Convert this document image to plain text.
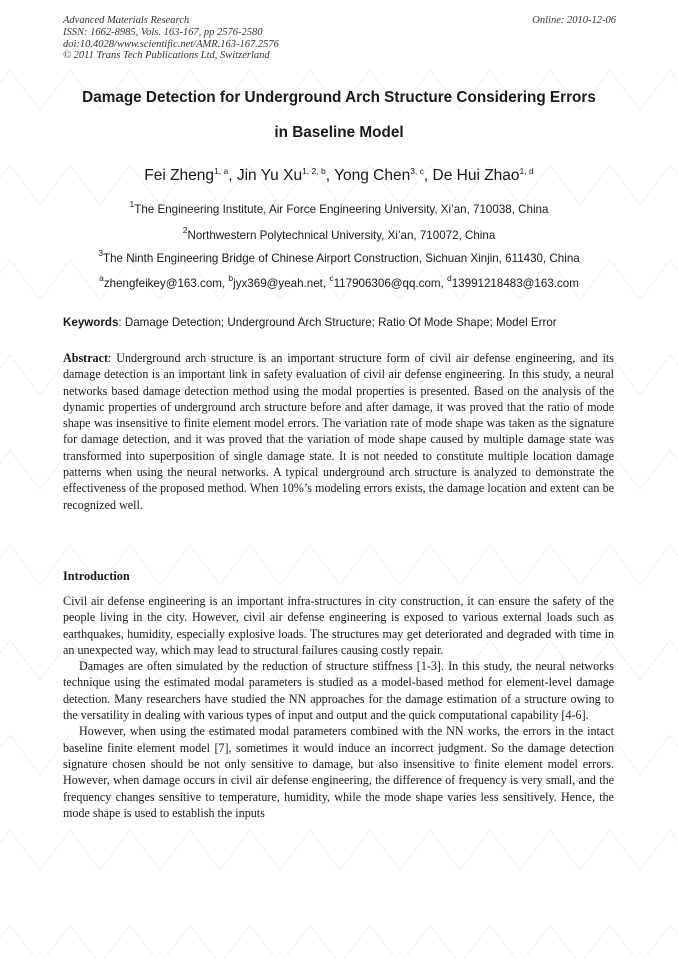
Advanced Materials Research
ISSN: 1662-8985, Vols. 163-167, pp 2576-2580
doi:10.4028/www.scientific.net/AMR.163-167.2576
© 2011 Trans Tech Publications Ltd, Switzerland
Online: 2010-12-06
Damage Detection for Underground Arch Structure Considering Errors
in Baseline Model
Fei Zheng$^{1, a}$, Jin Yu Xu$^{1, 2, b}$, Yong Chen$^{3, c}$, De Hui Zhao$^{1, d}$
$^1$The Engineering Institute, Air Force Engineering University, Xi’an, 710038, China
$^2$Northwestern Polytechnical University, Xi’an, 710072, China
$^3$The Ninth Engineering Bridge of Chinese Airport Construction, Sichuan Xinjin, 611430, China
$^a$zhengfeikey@163.com, $^b$jyx369@yeah.net, $^c$117906306@qq.com, $^d$13991218483@163.com
Keywords: Damage Detection; Underground Arch Structure; Ratio Of Mode Shape; Model Error
Abstract: Underground arch structure is an important structure form of civil air defense engineering, and its damage detection is an important link in safety evaluation of civil air defense engineering. In this study, a neural networks based damage detection method using the modal properties is presented. Based on the analysis of the dynamic properties of underground arch structure before and after damage, it was proved that the ratio of mode shape was insensitive to finite element model errors. The variation rate of mode shape was taken as the signature for damage detection, and it was proved that the variation of mode shape caused by multiple damage state was transformed into superposition of single damage state. It is not needed to constitute multiple location damage patterns when using the neural networks. A typical underground arch structure is analyzed to demonstrate the effectiveness of the proposed method. When 10%’s modeling errors exists, the damage location and extent can be recognized well.
Introduction

Civil air defense engineering is an important infra-structures in city construction, it can ensure the safety of the people living in the city. However, civil air defense engineering is exposed to various external loads such as earthquakes, humidity, especially explosive loads. The structures may get deteriorated and degraded with time in an unexpected way, which may lead to structural failures causing costly repair.

Damages are often simulated by the reduction of structure stiffness [1-3]. In this study, the neural networks technique using the estimated modal parameters is studied as a model-based method for element-level damage detection. Many researchers have studied the NN approaches for the damage estimation of a structure owing to the versatility in dealing with various types of input and output and the quick computational capability [4-6].

However, when using the estimated modal parameters combined with the NN works, the errors in the intact baseline finite element model [7], sometimes it would induce an incorrect judgment. So the damage detection signature chosen should be not only sensitive to damage, but also insensitive to finite element model errors. However, when damage occurs in civil air defense engineering, the difference of frequency is very small, and the frequency changes sensitive to temperature, humidity, while the mode shape varies less sensitively. Hence, the mode shape is used to establish the inputs
